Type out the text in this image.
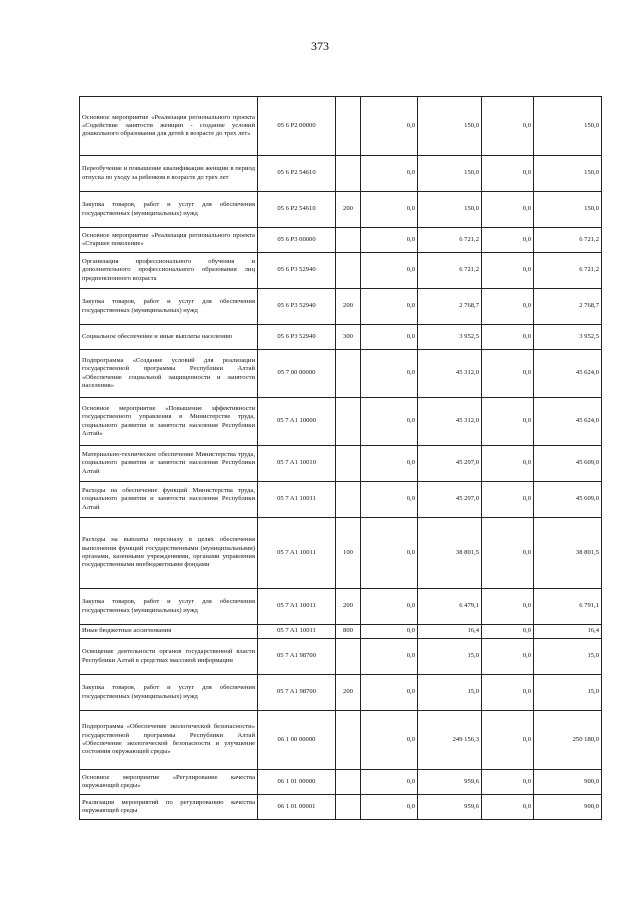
373
Основное мероприятие «Реализация регионального проекта «Содействие занятости женщин - создание условий дошкольного образования для детей в возрасте до трех лет»	05 6 P2 00000		0,0	150,0	0,0	150,0
Переобучение и повышение квалификации женщин в период отпуска по уходу за ребенком в возрасте до трех лет	05 6 P2 54610		0,0	150,0	0,0	150,0
Закупка товаров, работ и услуг для обеспечения государственных (муниципальных) нужд	05 6 P2 54610	200	0,0	150,0	0,0	150,0
Основное мероприятие «Реализация регионального проекта «Старшее поколение»	05 6 P3 00000		0,0	6 721,2	0,0	6 721,2
Организация профессионального обучения и дополнительного профессионального образования лиц предпенсионного возраста	05 6 P3 52940		0,0	6 721,2	0,0	6 721,2
Закупка товаров, работ и услуг для обеспечения государственных (муниципальных) нужд	05 6 P3 52940	200	0,0	2 768,7	0,0	2 768,7
Социальное обеспечение и иные выплаты населению	05 6 P3 52940	300	0,0	3 952,5	0,0	3 952,5
Подпрограмма «Создание условий для реализации государственной программы Республики Алтай «Обеспечение социальной защищенности и занятости населения»	05 7 00 00000		0,0	45 312,0	0,0	45 624,0
Основное мероприятие «Повышение эффективности государственного управления в Министерстве труда, социального развития и занятости населения Республики Алтай»	05 7 A1 10000		0,0	45 312,0	0,0	45 624,0
Материально-техническое обеспечение Министерства труда, социального развития и занятости населения Республики Алтай	05 7 A1 10010		0,0	45 297,0	0,0	45 609,0
Расходы на обеспечение функций Министерства труда, социального развития и занятости населения Республики Алтай	05 7 A1 10011		0,0	45 297,0	0,0	45 609,0
Расходы на выплаты персоналу в целях обеспечения выполнения функций государственными (муниципальными) органами, казенными учреждениями, органами управления государственными внебюджетными фондами	05 7 A1 10011	100	0,0	38 801,5	0,0	38 801,5
Закупка товаров, работ и услуг для обеспечения государственных (муниципальных) нужд	05 7 A1 10011	200	0,0	6 479,1	0,0	6 791,1
Иные бюджетные ассигнования	05 7 A1 10011	800	0,0	16,4	0,0	16,4
Освещение деятельности органов государственной власти Республики Алтай в средствах массовой информации	05 7 A1 98700		0,0	15,0	0,0	15,0
Закупка товаров, работ и услуг для обеспечения государственных (муниципальных) нужд	05 7 A1 98700	200	0,0	15,0	0,0	15,0
Подпрограмма «Обеспечение экологической безопасности» государственной программы Республики Алтай «Обеспечение экологической безопасности и улучшение состояния окружающей среды»	06 1 00 00000		0,0	249 156,3	0,0	250 180,0
Основное мероприятие «Регулирование качества окружающей среды»	06 1 01 00000		0,0	959,6	0,0	900,0
Реализация мероприятий по регулированию качества окружающей среды	06 1 01 00001		0,0	959,6	0,0	900,0
